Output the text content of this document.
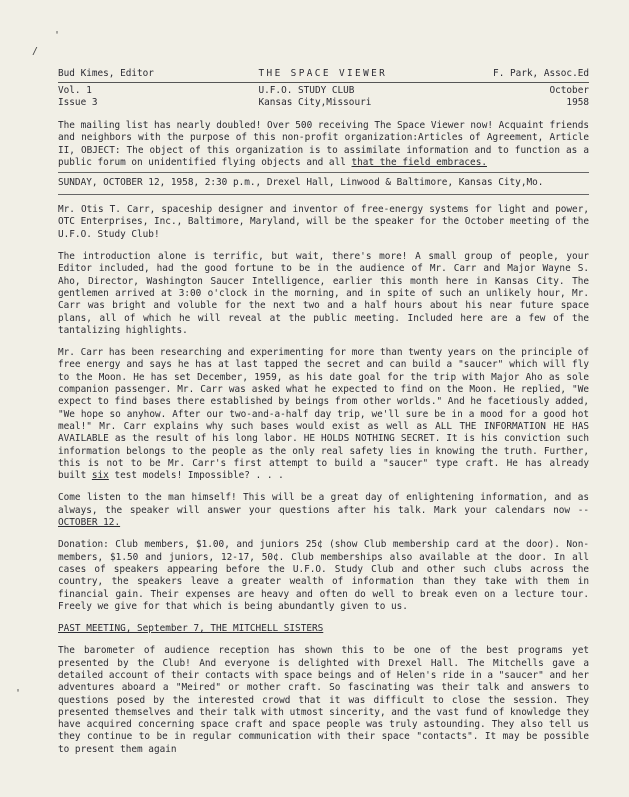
'
/
'
Bud Kimes, Editor	THE SPACE VIEWER	F. Park, Assoc.Ed
Vol. 1	U.F.O. STUDY CLUB	October
Issue 3	Kansas City,Missouri	1958

The mailing list has nearly doubled! Over 500 receiving The Space Viewer now! Acquaint friends and neighbors with the purpose of this non-profit organization:Articles of Agreement, Article II, OBJECT: The object of this organization is to assimilate information and to function as a public forum on unidentified flying objects and all that the field embraces.

SUNDAY, OCTOBER 12, 1958, 2:30 p.m., Drexel Hall, Linwood & Baltimore, Kansas City,Mo.

Mr. Otis T. Carr, spaceship designer and inventor of free-energy systems for light and power, OTC Enterprises, Inc., Baltimore, Maryland, will be the speaker for the October meeting of the U.F.O. Study Club!

The introduction alone is terrific, but wait, there's more! A small group of people, your Editor included, had the good fortune to be in the audience of Mr. Carr and Major Wayne S. Aho, Director, Washington Saucer Intelligence, earlier this month here in Kansas City. The gentlemen arrived at 3:00 o'clock in the morning, and in spite of such an unlikely hour, Mr. Carr was bright and voluble for the next two and a half hours about his near future space plans, all of which he will reveal at the public meeting. Included here are a few of the tantalizing highlights.

Mr. Carr has been researching and experimenting for more than twenty years on the principle of free energy and says he has at last tapped the secret and can build a "saucer" which will fly to the Moon. He has set December, 1959, as his date goal for the trip with Major Aho as sole companion passenger. Mr. Carr was asked what he expected to find on the Moon. He replied, "We expect to find bases there established by beings from other worlds." And he facetiously added, "We hope so anyhow. After our two-and-a-half day trip, we'll sure be in a mood for a good hot meal!" Mr. Carr explains why such bases would exist as well as ALL THE INFORMATION HE HAS AVAILABLE as the result of his long labor. HE HOLDS NOTHING SECRET. It is his conviction such information belongs to the people as the only real safety lies in knowing the truth. Further, this is not to be Mr. Carr's first attempt to build a "saucer" type craft. He has already built six test models! Impossible? . . .

Come listen to the man himself! This will be a great day of enlightening information, and as always, the speaker will answer your questions after his talk. Mark your calendars now -- OCTOBER 12.

Donation: Club members, $1.00, and juniors 25¢ (show Club membership card at the door). Non-members, $1.50 and juniors, 12-17, 50¢. Club memberships also available at the door. In all cases of speakers appearing before the U.F.O. Study Club and other such clubs across the country, the speakers leave a greater wealth of information than they take with them in financial gain. Their expenses are heavy and often do well to break even on a lecture tour. Freely we give for that which is being abundantly given to us.

PAST MEETING, September 7, THE MITCHELL SISTERS

The barometer of audience reception has shown this to be one of the best programs yet presented by the Club! And everyone is delighted with Drexel Hall. The Mitchells gave a detailed account of their contacts with space beings and of Helen's ride in a "saucer" and her adventures aboard a "Meired" or mother craft. So fascinating was their talk and answers to questions posed by the interested crowd that it was difficult to close the session. They presented themselves and their talk with utmost sincerity, and the vast fund of knowledge they have acquired concerning space craft and space people was truly astounding. They also tell us they continue to be in regular communication with their space "contacts". It may be possible to present them again
